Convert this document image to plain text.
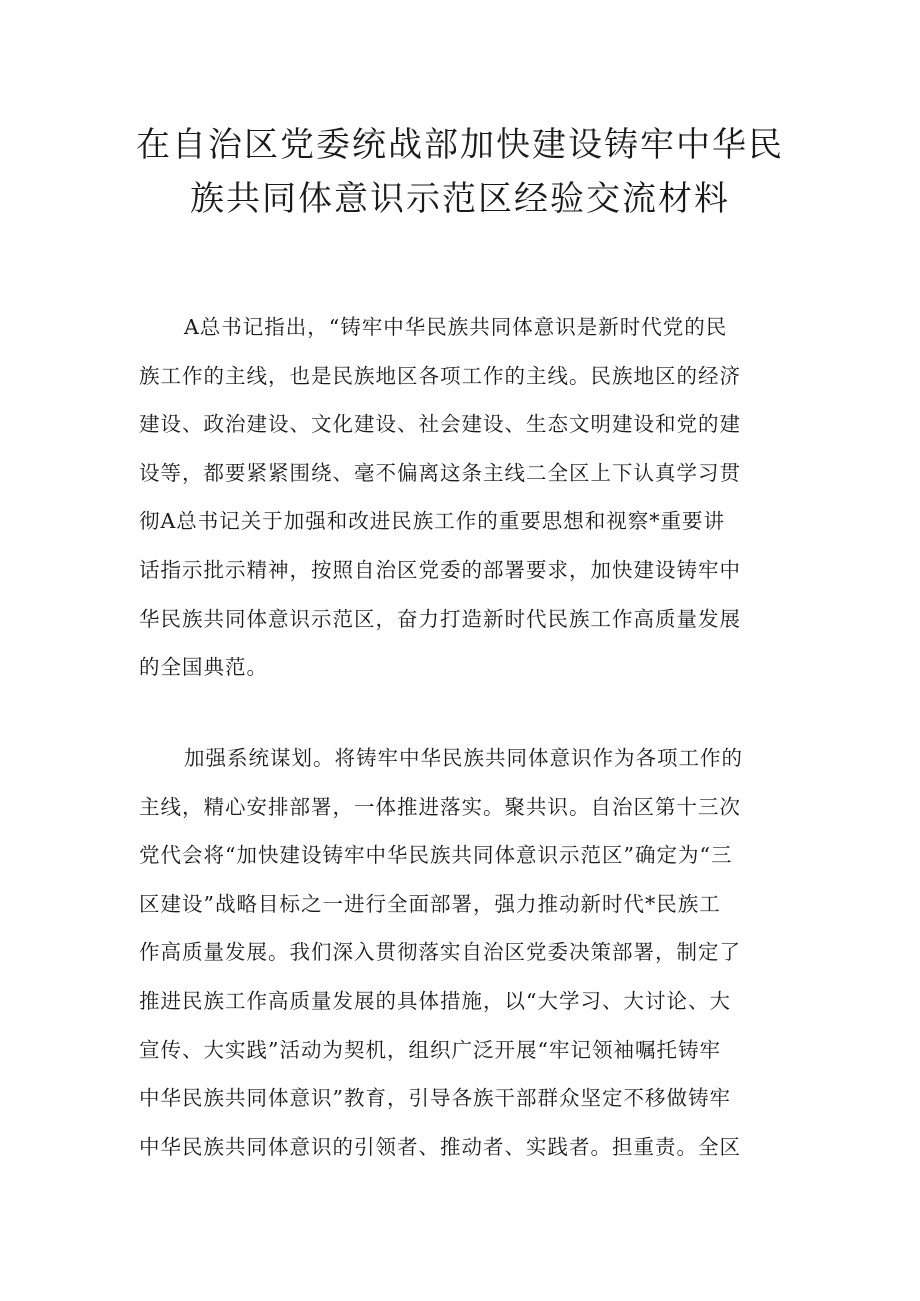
在自治区党委统战部加快建设铸牢中华民
族共同体意识示范区经验交流材料
A总书记指出，“铸牢中华民族共同体意识是新时代党的民
族工作的主线，也是民族地区各项工作的主线。民族地区的经济
建设、政治建设、文化建设、社会建设、生态文明建设和党的建
设等，都要紧紧围绕、毫不偏离这条主线二全区上下认真学习贯
彻A总书记关于加强和改进民族工作的重要思想和视察*重要讲
话指示批示精神，按照自治区党委的部署要求，加快建设铸牢中
华民族共同体意识示范区，奋力打造新时代民族工作高质量发展
的全国典范。
加强系统谋划。将铸牢中华民族共同体意识作为各项工作的
主线，精心安排部署，一体推进落实。聚共识。自治区第十三次
党代会将“加快建设铸牢中华民族共同体意识示范区”确定为“三
区建设”战略目标之一进行全面部署，强力推动新时代*民族工
作高质量发展。我们深入贯彻落实自治区党委决策部署，制定了
推进民族工作高质量发展的具体措施，以“大学习、大讨论、大
宣传、大实践”活动为契机，组织广泛开展“牢记领袖嘱托铸牢
中华民族共同体意识”教育，引导各族干部群众坚定不移做铸牢
中华民族共同体意识的引领者、推动者、实践者。担重责。全区
